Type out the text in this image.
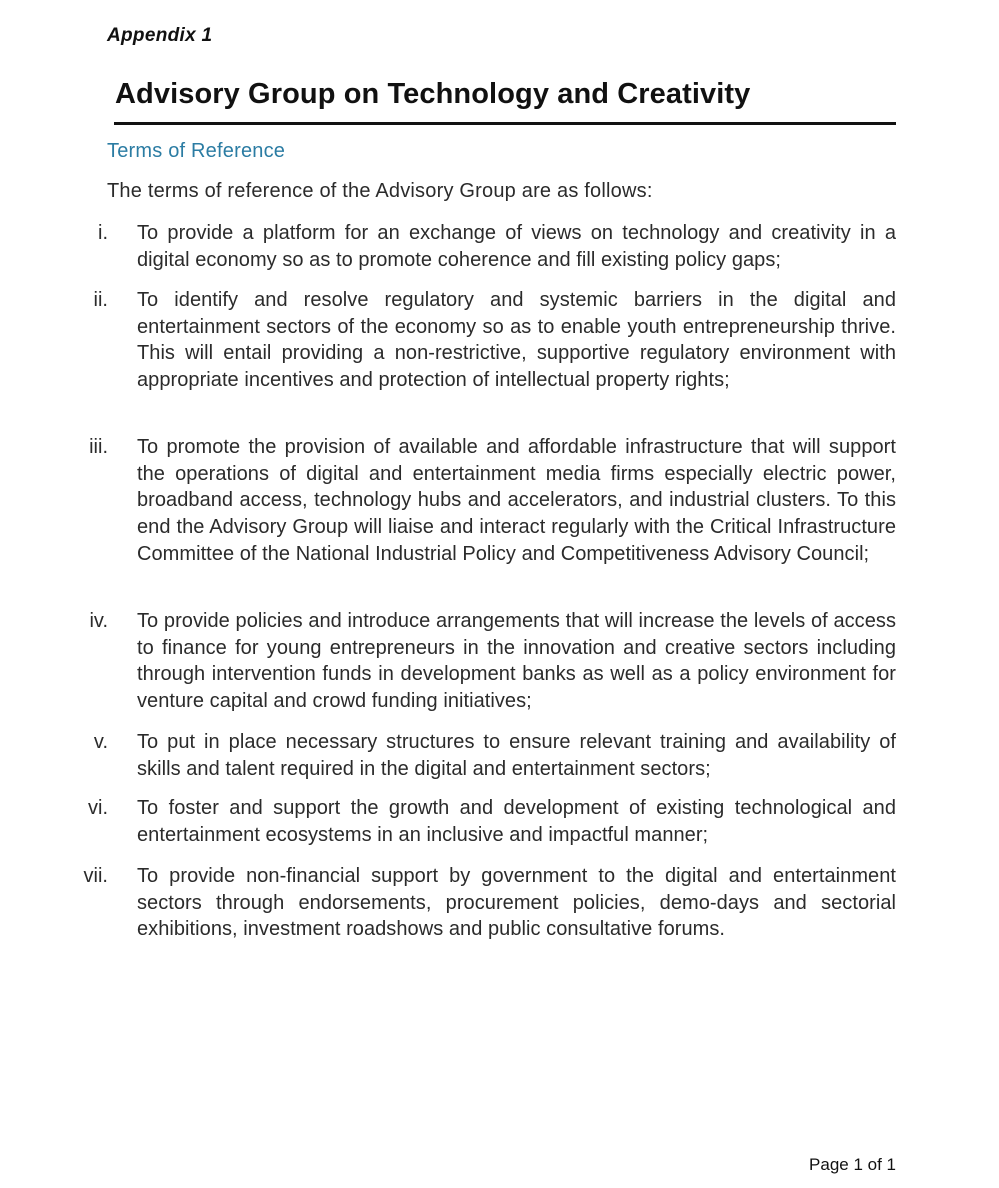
Appendix 1
Advisory Group on Technology and Creativity
Terms of Reference
The terms of reference of the Advisory Group are as follows:
i. To provide a platform for an exchange of views on technology and creativity in a digital economy so as to promote coherence and fill existing policy gaps;
ii. To identify and resolve regulatory and systemic barriers in the digital and entertainment sectors of the economy so as to enable youth entrepreneurship thrive. This will entail providing a non-restrictive, supportive regulatory environment with appropriate incentives and protection of intellectual property rights;
iii. To promote the provision of available and affordable infrastructure that will support the operations of digital and entertainment media firms especially electric power, broadband access, technology hubs and accelerators, and industrial clusters. To this end the Advisory Group will liaise and interact regularly with the Critical Infrastructure Committee of the National Industrial Policy and Competitiveness Advisory Council;
iv. To provide policies and introduce arrangements that will increase the levels of access to finance for young entrepreneurs in the innovation and creative sectors including through intervention funds in development banks as well as a policy environment for venture capital and crowd funding initiatives;
v. To put in place necessary structures to ensure relevant training and availability of skills and talent required in the digital and entertainment sectors;
vi. To foster and support the growth and development of existing technological and entertainment ecosystems in an inclusive and impactful manner;
vii. To provide non-financial support by government to the digital and entertainment sectors through endorsements, procurement policies, demo-days and sectorial exhibitions, investment roadshows and public consultative forums.
Page 1 of 1
